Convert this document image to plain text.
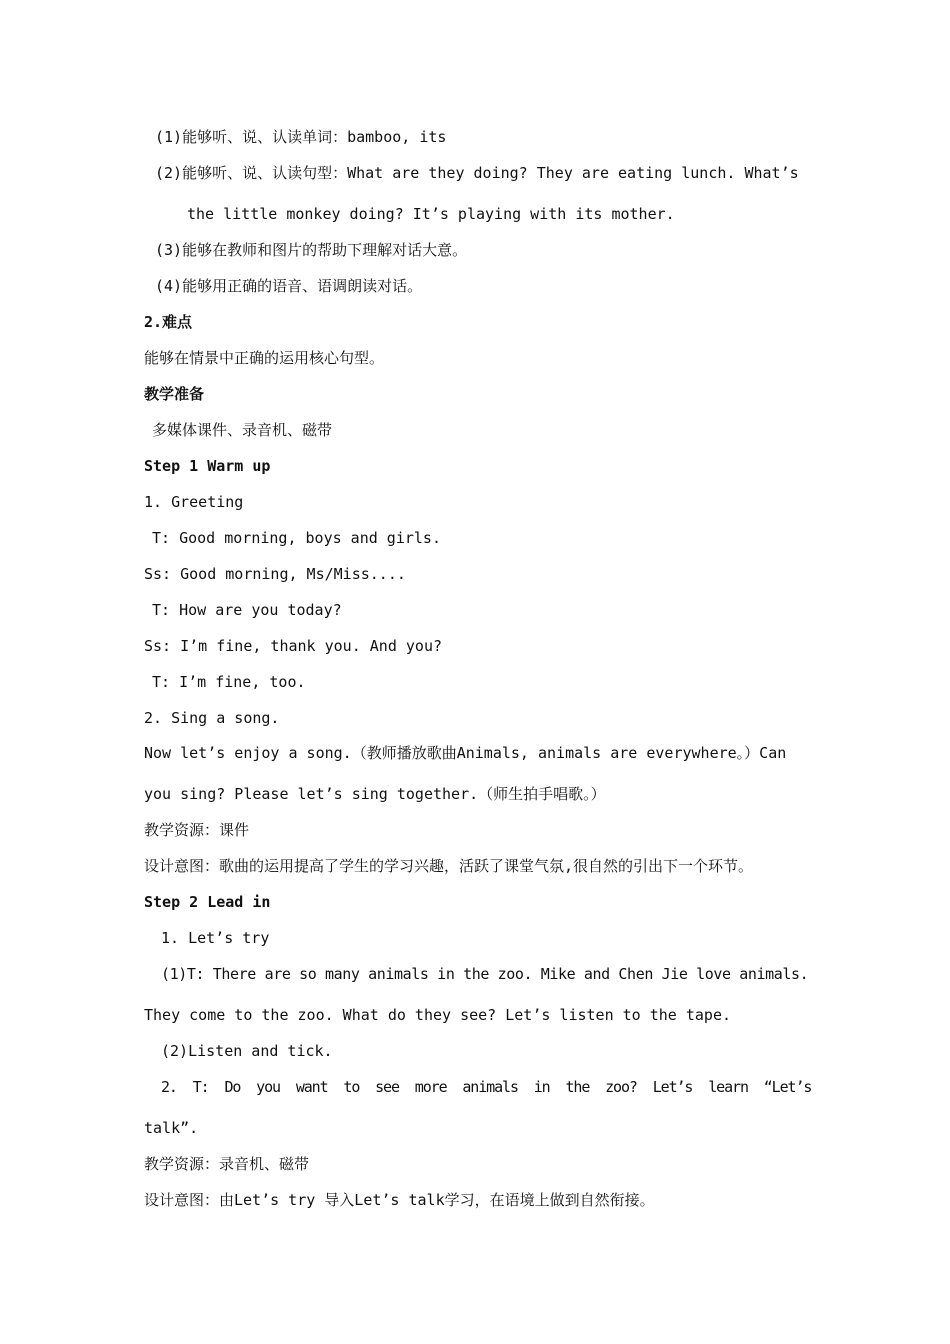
(1)能够听、说、认读单词：bamboo, its
(2)能够听、说、认读句型：What are they doing? They are eating lunch. What’s
the little monkey doing? It’s playing with its mother.
(3)能够在教师和图片的帮助下理解对话大意。
(4)能够用正确的语音、语调朗读对话。
2.难点
能够在情景中正确的运用核心句型。
教学准备
多媒体课件、录音机、磁带
Step 1 Warm up
1. Greeting
T: Good morning, boys and girls.
Ss: Good morning, Ms/Miss....
T: How are you today?
Ss: I’m fine, thank you. And you?
T: I’m fine, too.
2. Sing a song.
Now let’s enjoy a song.（教师播放歌曲Animals, animals are everywhere。）Can
you sing? Please let’s sing together.（师生拍手唱歌。）
教学资源：课件
设计意图：歌曲的运用提高了学生的学习兴趣，活跃了课堂气氛,很自然的引出下一个环节。
Step 2 Lead in
1. Let’s try
(1)T: There are so many animals in the zoo. Mike and Chen Jie love animals.
They come to the zoo. What do they see? Let’s listen to the tape.
(2)Listen and tick.
2.  T:  Do  you  want  to  see  more  animals  in  the  zoo?  Let’s  learn  “Let’s
talk”.
教学资源：录音机、磁带
设计意图：由Let’s try 导入Let’s talk学习，在语境上做到自然衔接。
